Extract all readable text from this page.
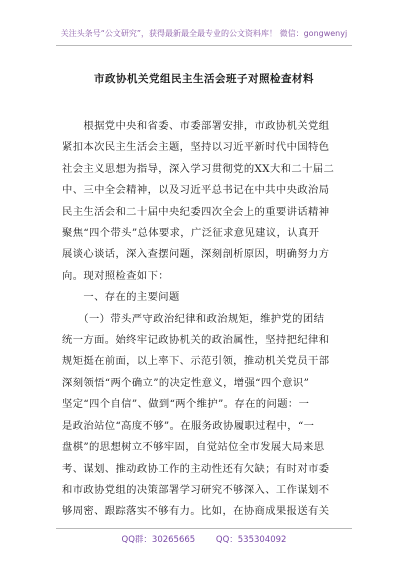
关注头条号“公文研究”，获得最新最全最专业的公文资料库！ 微信：gongwenyj
市政协机关党组民主生活会班子对照检查材料
　　根据党中央和省委、市委部署安排，市政协机关党组
紧扣本次民主生活会主题，坚持以习近平新时代中国特色
社会主义思想为指导，深入学习贯彻党的XX大和二十届二
中、三中全会精神，以及习近平总书记在中共中央政治局
民主生活会和二十届中央纪委四次全会上的重要讲话精神
聚焦“四个带头”总体要求，广泛征求意见建议，认真开
展谈心谈话，深入查摆问题，深刻剖析原因，明确努力方
向。现对照检查如下：
　　一、存在的主要问题
　　（一）带头严守政治纪律和政治规矩，维护党的团结
统一方面。始终牢记政协机关的政治属性，坚持把纪律和
规矩挺在前面，以上率下、示范引领，推动机关党员干部
深刻领悟“两个确立”的决定性意义，增强“四个意识”
坚定“四个自信”、做到“两个维护”。存在的问题：一
是政治站位“高度不够”。在服务政协履职过程中，“一
盘棋”的思想树立不够牢固，自觉站位全市发展大局来思
考、谋划、推动政协工作的主动性还有欠缺；有时对市委
和市政协党组的决策部署学习研究不够深入、工作谋划不
够周密、跟踪落实不够有力。比如，在协商成果报送有关
QQ群：30265665 QQ：535304092
